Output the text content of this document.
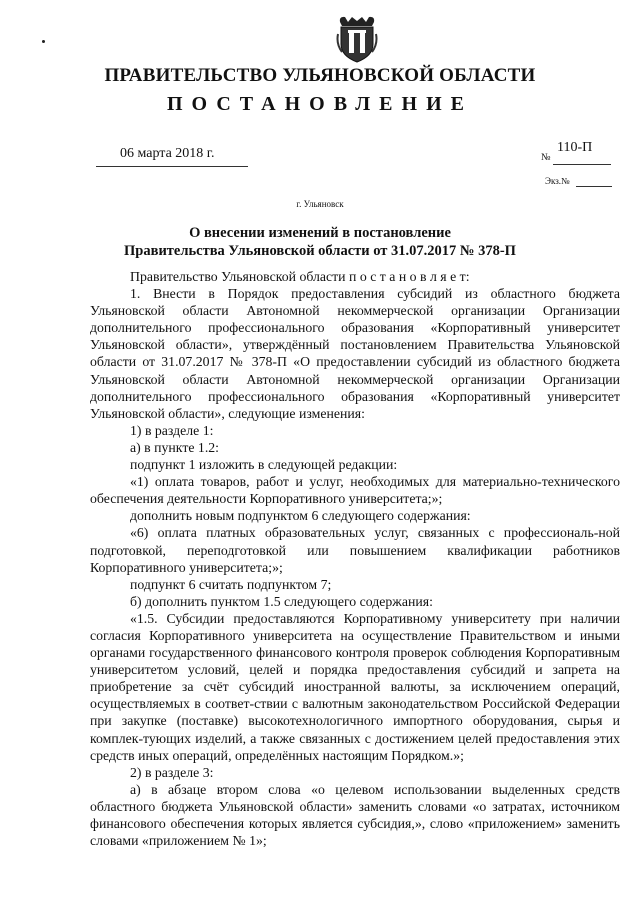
ПРАВИТЕЛЬСТВО УЛЬЯНОВСКОЙ ОБЛАСТИ
ПОСТАНОВЛЕНИЕ
06 марта 2018 г.	№
110-П
Экз.№
г. Ульяновск
О внесении изменений в постановление
Правительства Ульяновской области от 31.07.2017 № 378-П

Правительство Ульяновской области п о с т а н о в л я е т:

1. Внести в Порядок предоставления субсидий из областного бюджета Ульяновской области Автономной некоммерческой организации Организации дополнительного профессионального образования «Корпоративный университет Ульяновской области», утверждённый постановлением Правительства Ульяновской области от 31.07.2017 № 378-П «О предоставлении субсидий из областного бюджета Ульяновской области Автономной некоммерческой организации Организации дополнительного профессионального образования «Корпоративный университет Ульяновской области», следующие изменения:

1) в разделе 1:

а) в пункте 1.2:

подпункт 1 изложить в следующей редакции:

«1) оплата товаров, работ и услуг, необходимых для материально-технического обеспечения деятельности Корпоративного университета;»;

дополнить новым подпунктом 6 следующего содержания:

«6) оплата платных образовательных услуг, связанных с профессиональ-ной подготовкой, переподготовкой или повышением квалификации работников Корпоративного университета;»;

подпункт 6 считать подпунктом 7;

б) дополнить пунктом 1.5 следующего содержания:

«1.5. Субсидии предоставляются Корпоративному университету при наличии согласия Корпоративного университета на осуществление Правительством и иными органами государственного финансового контроля проверок соблюдения Корпоративным университетом условий, целей и порядка предоставления субсидий и запрета на приобретение за счёт субсидий иностранной валюты, за исключением операций, осуществляемых в соответ-ствии с валютным законодательством Российской Федерации при закупке (поставке) высокотехнологичного импортного оборудования, сырья и комплек-тующих изделий, а также связанных с достижением целей предоставления этих средств иных операций, определённых настоящим Порядком.»;

2) в разделе 3:

а) в абзаце втором слова «о целевом использовании выделенных средств областного бюджета Ульяновской области» заменить словами «о затратах, источником финансового обеспечения которых является субсидия,», слово «приложением» заменить словами «приложением № 1»;
